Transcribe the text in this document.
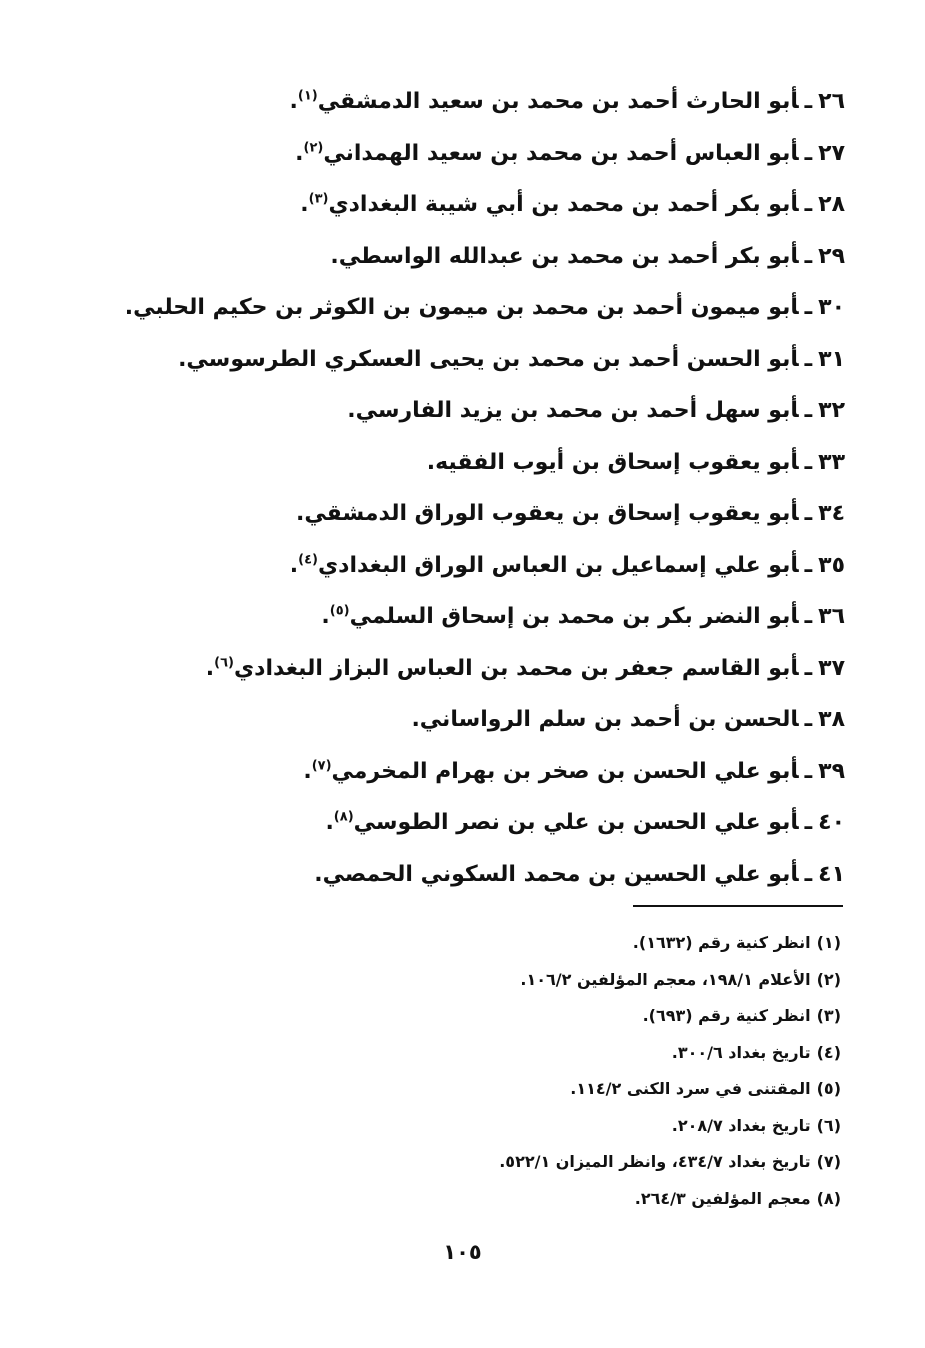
٢٦ـأبو الحارث أحمد بن محمد بن سعيد الدمشقي$^{(١)}$.
٢٧ـأبو العباس أحمد بن محمد بن سعيد الهمداني$^{(٢)}$.
٢٨ـأبو بكر أحمد بن محمد بن أبي شيبة البغدادي$^{(٣)}$.
٢٩ـأبو بكر أحمد بن محمد بن عبدالله الواسطي.
٣٠ـأبو ميمون أحمد بن محمد بن ميمون بن الكوثر بن حكيم الحلبي.
٣١ـأبو الحسن أحمد بن محمد بن يحيى العسكري الطرسوسي.
٣٢ـأبو سهل أحمد بن محمد بن يزيد الفارسي.
٣٣ـأبو يعقوب إسحاق بن أيوب الفقيه.
٣٤ـأبو يعقوب إسحاق بن يعقوب الوراق الدمشقي.
٣٥ـأبو علي إسماعيل بن العباس الوراق البغدادي$^{(٤)}$.
٣٦ـأبو النضر بكر بن محمد بن إسحاق السلمي$^{(٥)}$.
٣٧ـأبو القاسم جعفر بن محمد بن العباس البزاز البغدادي$^{(٦)}$.
٣٨ـالحسن بن أحمد بن سلم الرواساني.
٣٩ـأبو علي الحسن بن صخر بن بهرام المخرمي$^{(٧)}$.
٤٠ـأبو علي الحسن بن علي بن نصر الطوسي$^{(٨)}$.
٤١ـأبو علي الحسين بن محمد السكوني الحمصي.
(١)انظر كنية رقم (١٦٣٢).
(٢)الأعلام ١٩٨/١، معجم المؤلفين ١٠٦/٢.
(٣)انظر كنية رقم (٦٩٣).
(٤)تاريخ بغداد ٣٠٠/٦.
(٥)المقتنى في سرد الكنى ١١٤/٢.
(٦)تاريخ بغداد ٢٠٨/٧.
(٧)تاريخ بغداد ٤٣٤/٧، وانظر الميزان ٥٢٢/١.
(٨)معجم المؤلفين ٢٦٤/٣.
١٠٥
